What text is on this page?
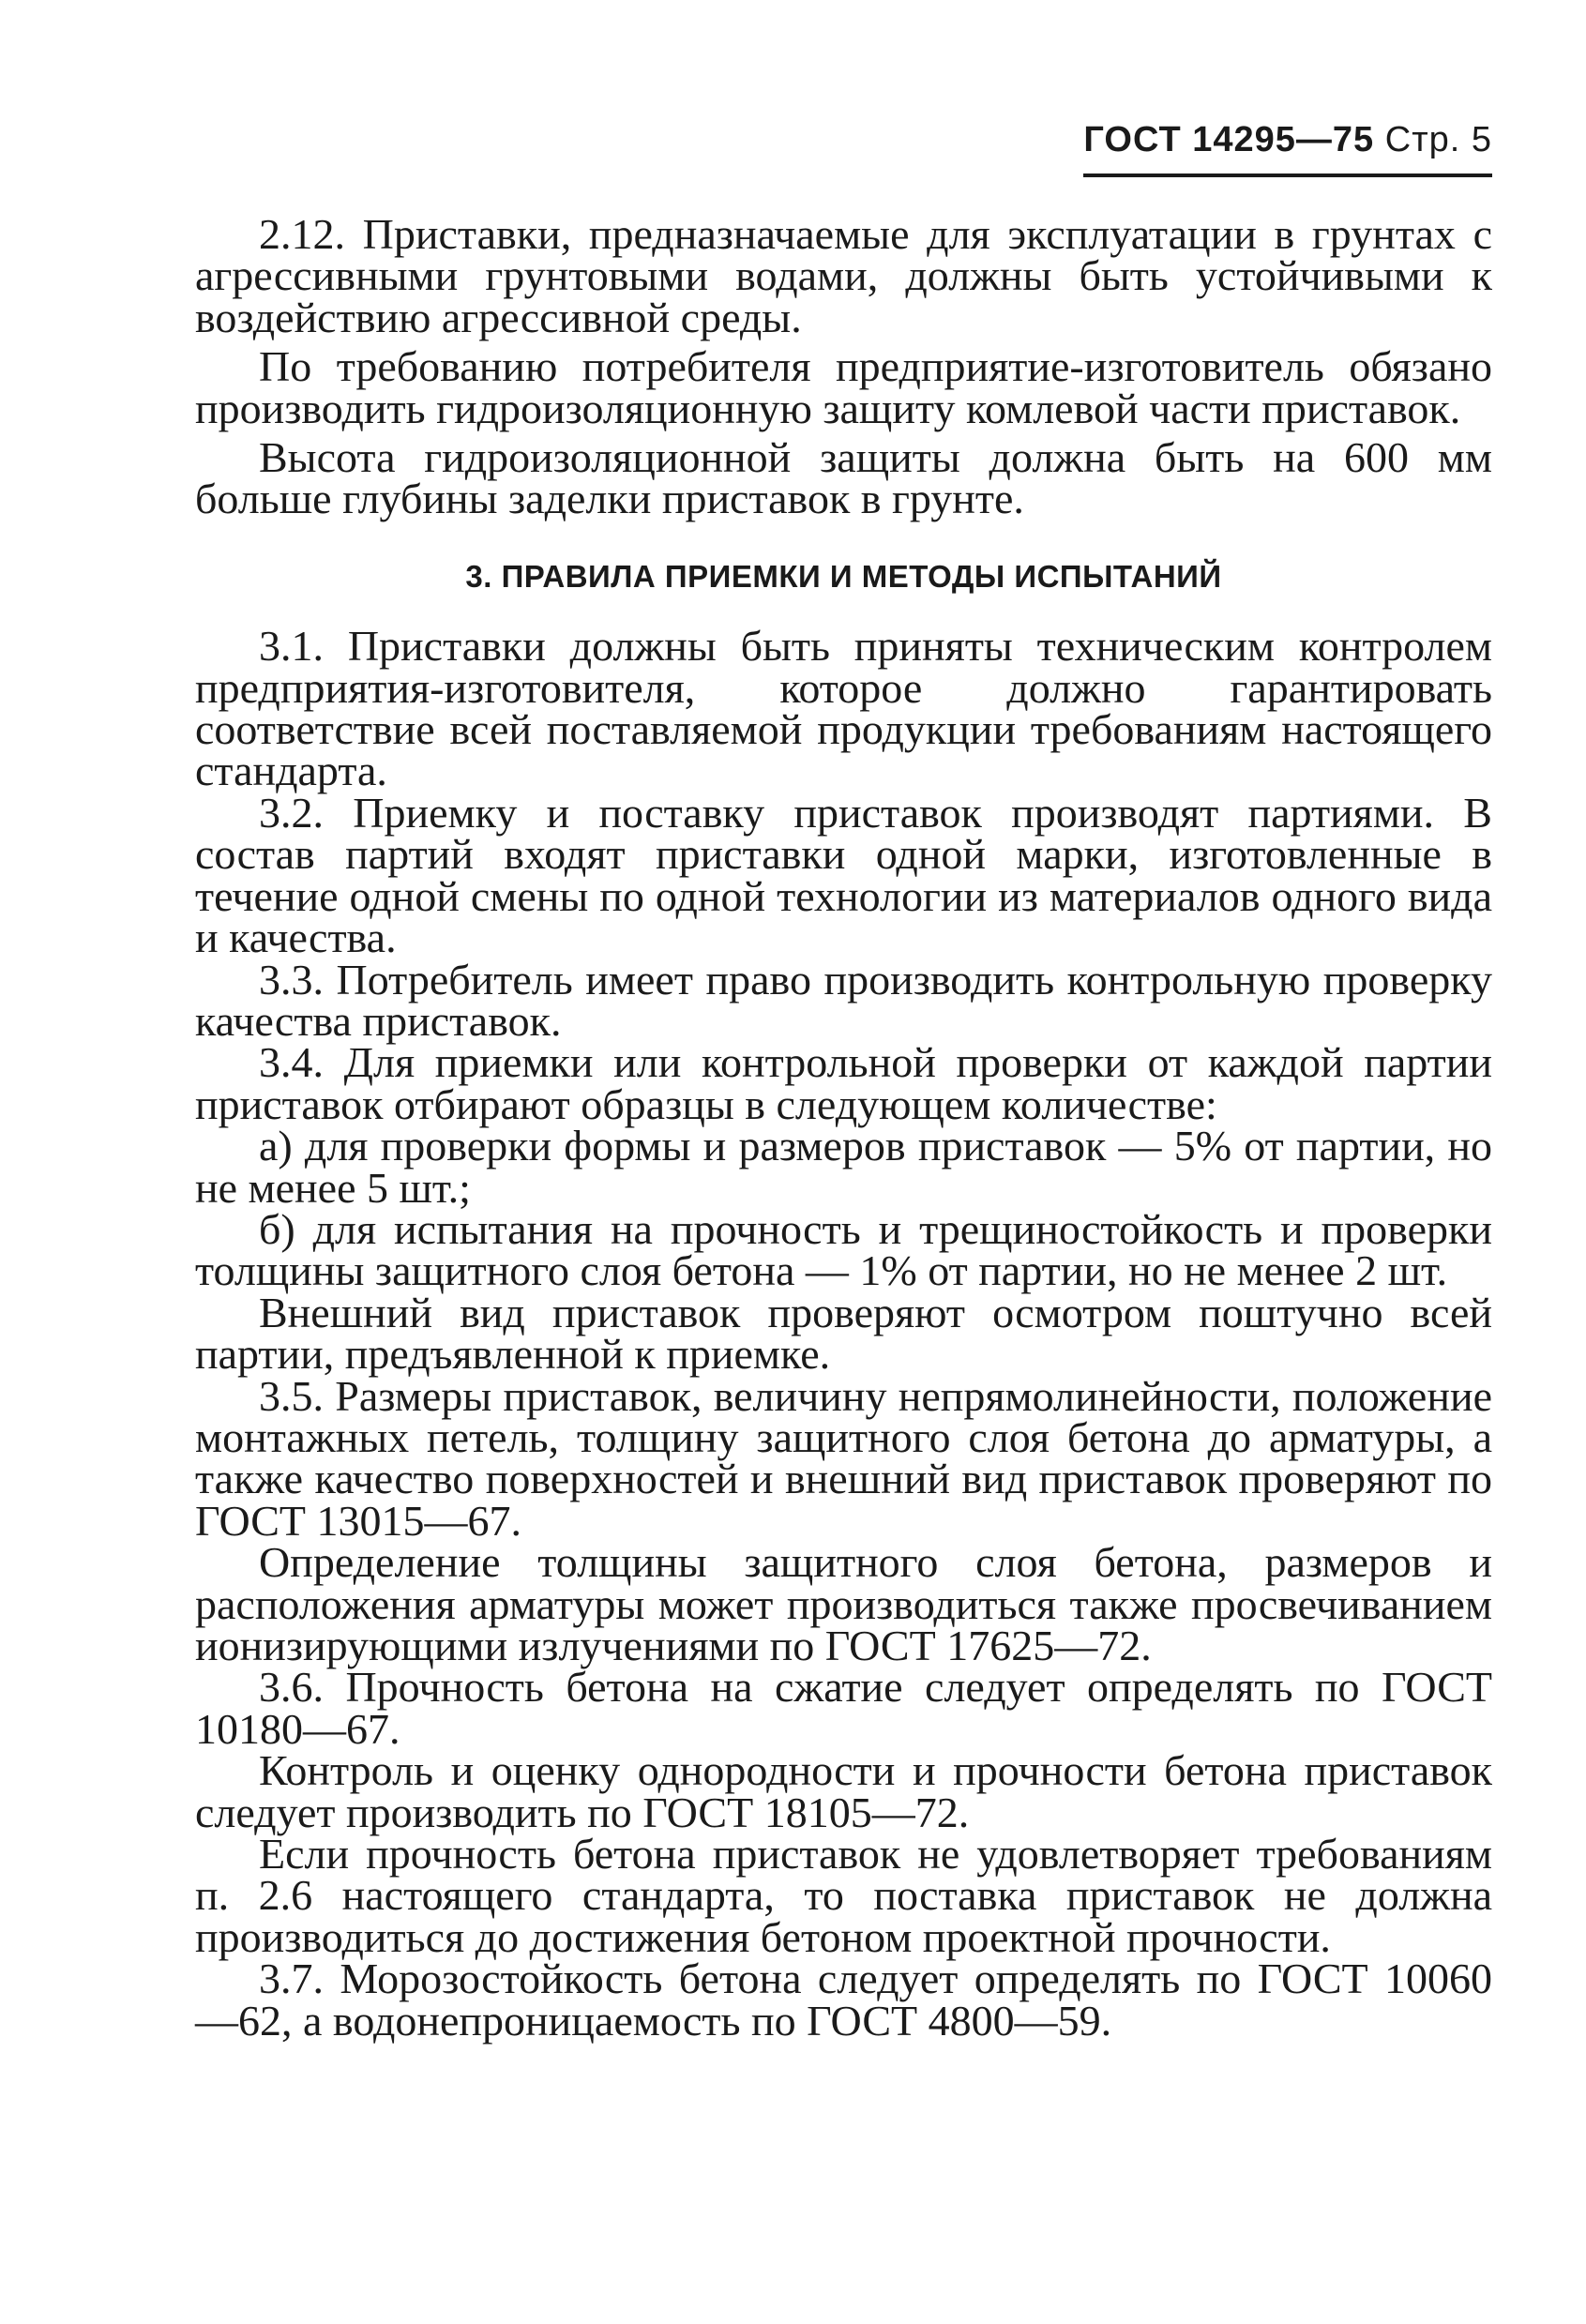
ГОСТ 14295—75 Стр. 5

2.12. Приставки, предназначаемые для эксплуатации в грунтах с агрессивными грунтовыми водами, должны быть устойчивыми к воздействию агрессивной среды.

По требованию потребителя предприятие-изготовитель обязано производить гидроизоляционную защиту комлевой части приставок.

Высота гидроизоляционной защиты должна быть на 600 мм больше глубины заделки приставок в грунте.

3. ПРАВИЛА ПРИЕМКИ И МЕТОДЫ ИСПЫТАНИЙ

3.1. Приставки должны быть приняты техническим контролем предприятия-изготовителя, которое должно гарантировать соответствие всей поставляемой продукции требованиям настоящего стандарта.

3.2. Приемку и поставку приставок производят партиями. В состав партий входят приставки одной марки, изготовленные в течение одной смены по одной технологии из материалов одного вида и качества.

3.3. Потребитель имеет право производить контрольную проверку качества приставок.

3.4. Для приемки или контрольной проверки от каждой партии приставок отбирают образцы в следующем количестве:

а) для проверки формы и размеров приставок — 5% от партии, но не менее 5 шт.;

б) для испытания на прочность и трещиностойкость и проверки толщины защитного слоя бетона — 1% от партии, но не менее 2 шт.

Внешний вид приставок проверяют осмотром поштучно всей партии, предъявленной к приемке.

3.5. Размеры приставок, величину непрямолинейности, положение монтажных петель, толщину защитного слоя бетона до арматуры, а также качество поверхностей и внешний вид приставок проверяют по ГОСТ 13015—67.

Определение толщины защитного слоя бетона, размеров и расположения арматуры может производиться также просвечиванием ионизирующими излучениями по ГОСТ 17625—72.

3.6. Прочность бетона на сжатие следует определять по ГОСТ 10180—67.

Контроль и оценку однородности и прочности бетона приставок следует производить по ГОСТ 18105—72.

Если прочность бетона приставок не удовлетворяет требованиям п. 2.6 настоящего стандарта, то поставка приставок не должна производиться до достижения бетоном проектной прочности.

3.7. Морозостойкость бетона следует определять по ГОСТ 10060—62, а водонепроницаемость по ГОСТ 4800—59.
